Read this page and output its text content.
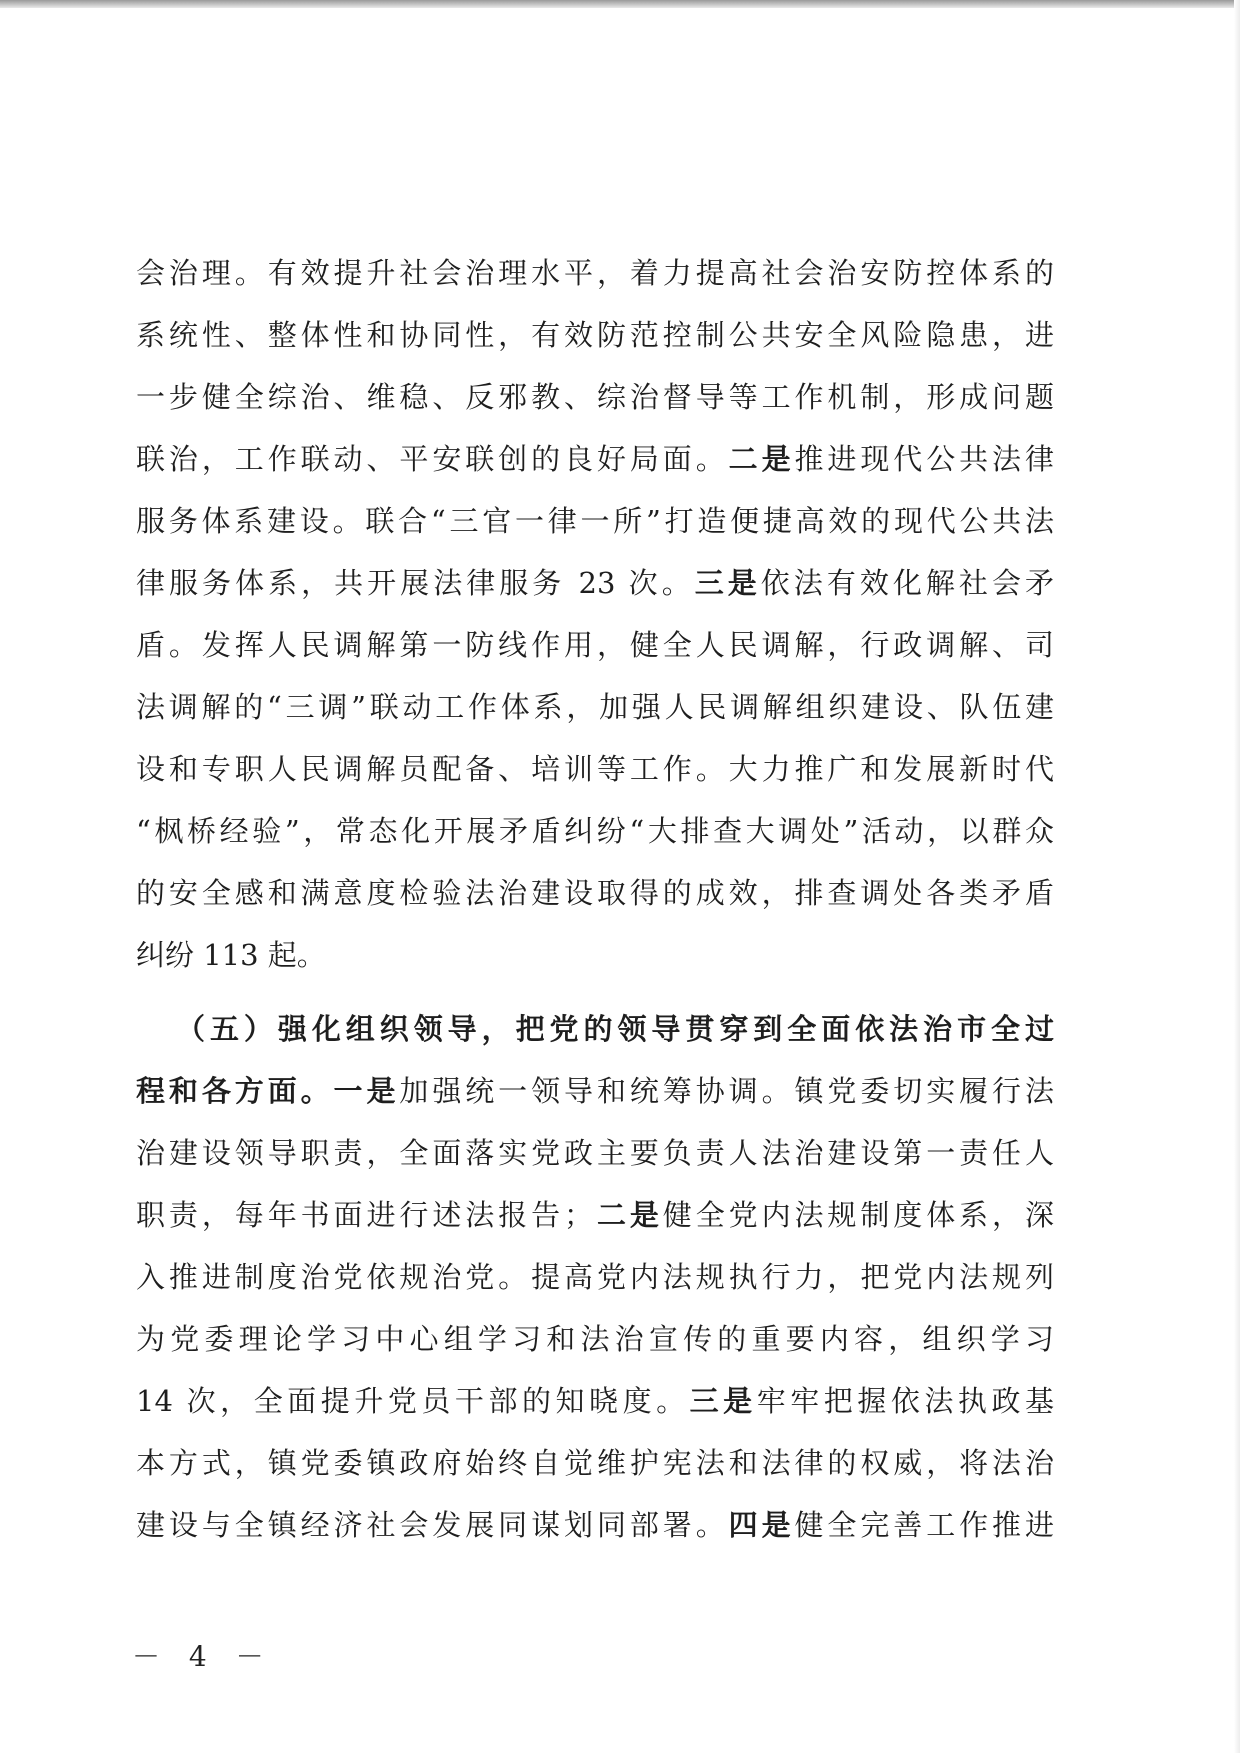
会治理。有效提升社会治理水平，着力提高社会治安防控体系的
系统性、整体性和协同性，有效防范控制公共安全风险隐患，进
一步健全综治、维稳、反邪教、综治督导等工作机制，形成问题
联治，工作联动、平安联创的良好局面。二是推进现代公共法律
服务体系建设。联合“三官一律一所”打造便捷高效的现代公共法
律服务体系，共开展法律服务 23 次。三是依法有效化解社会矛
盾。发挥人民调解第一防线作用，健全人民调解，行政调解、司
法调解的“三调”联动工作体系，加强人民调解组织建设、队伍建
设和专职人民调解员配备、培训等工作。大力推广和发展新时代
“枫桥经验”，常态化开展矛盾纠纷“大排查大调处”活动，以群众
的安全感和满意度检验法治建设取得的成效，排查调处各类矛盾
纠纷 113 起。
（五）强化组织领导，把党的领导贯穿到全面依法治市全过
程和各方面。一是加强统一领导和统筹协调。镇党委切实履行法
治建设领导职责，全面落实党政主要负责人法治建设第一责任人
职责，每年书面进行述法报告；二是健全党内法规制度体系，深
入推进制度治党依规治党。提高党内法规执行力，把党内法规列
为党委理论学习中心组学习和法治宣传的重要内容，组织学习
14 次，全面提升党员干部的知晓度。三是牢牢把握依法执政基
本方式，镇党委镇政府始终自觉维护宪法和法律的权威，将法治
建设与全镇经济社会发展同谋划同部署。四是健全完善工作推进
－ 4 －
